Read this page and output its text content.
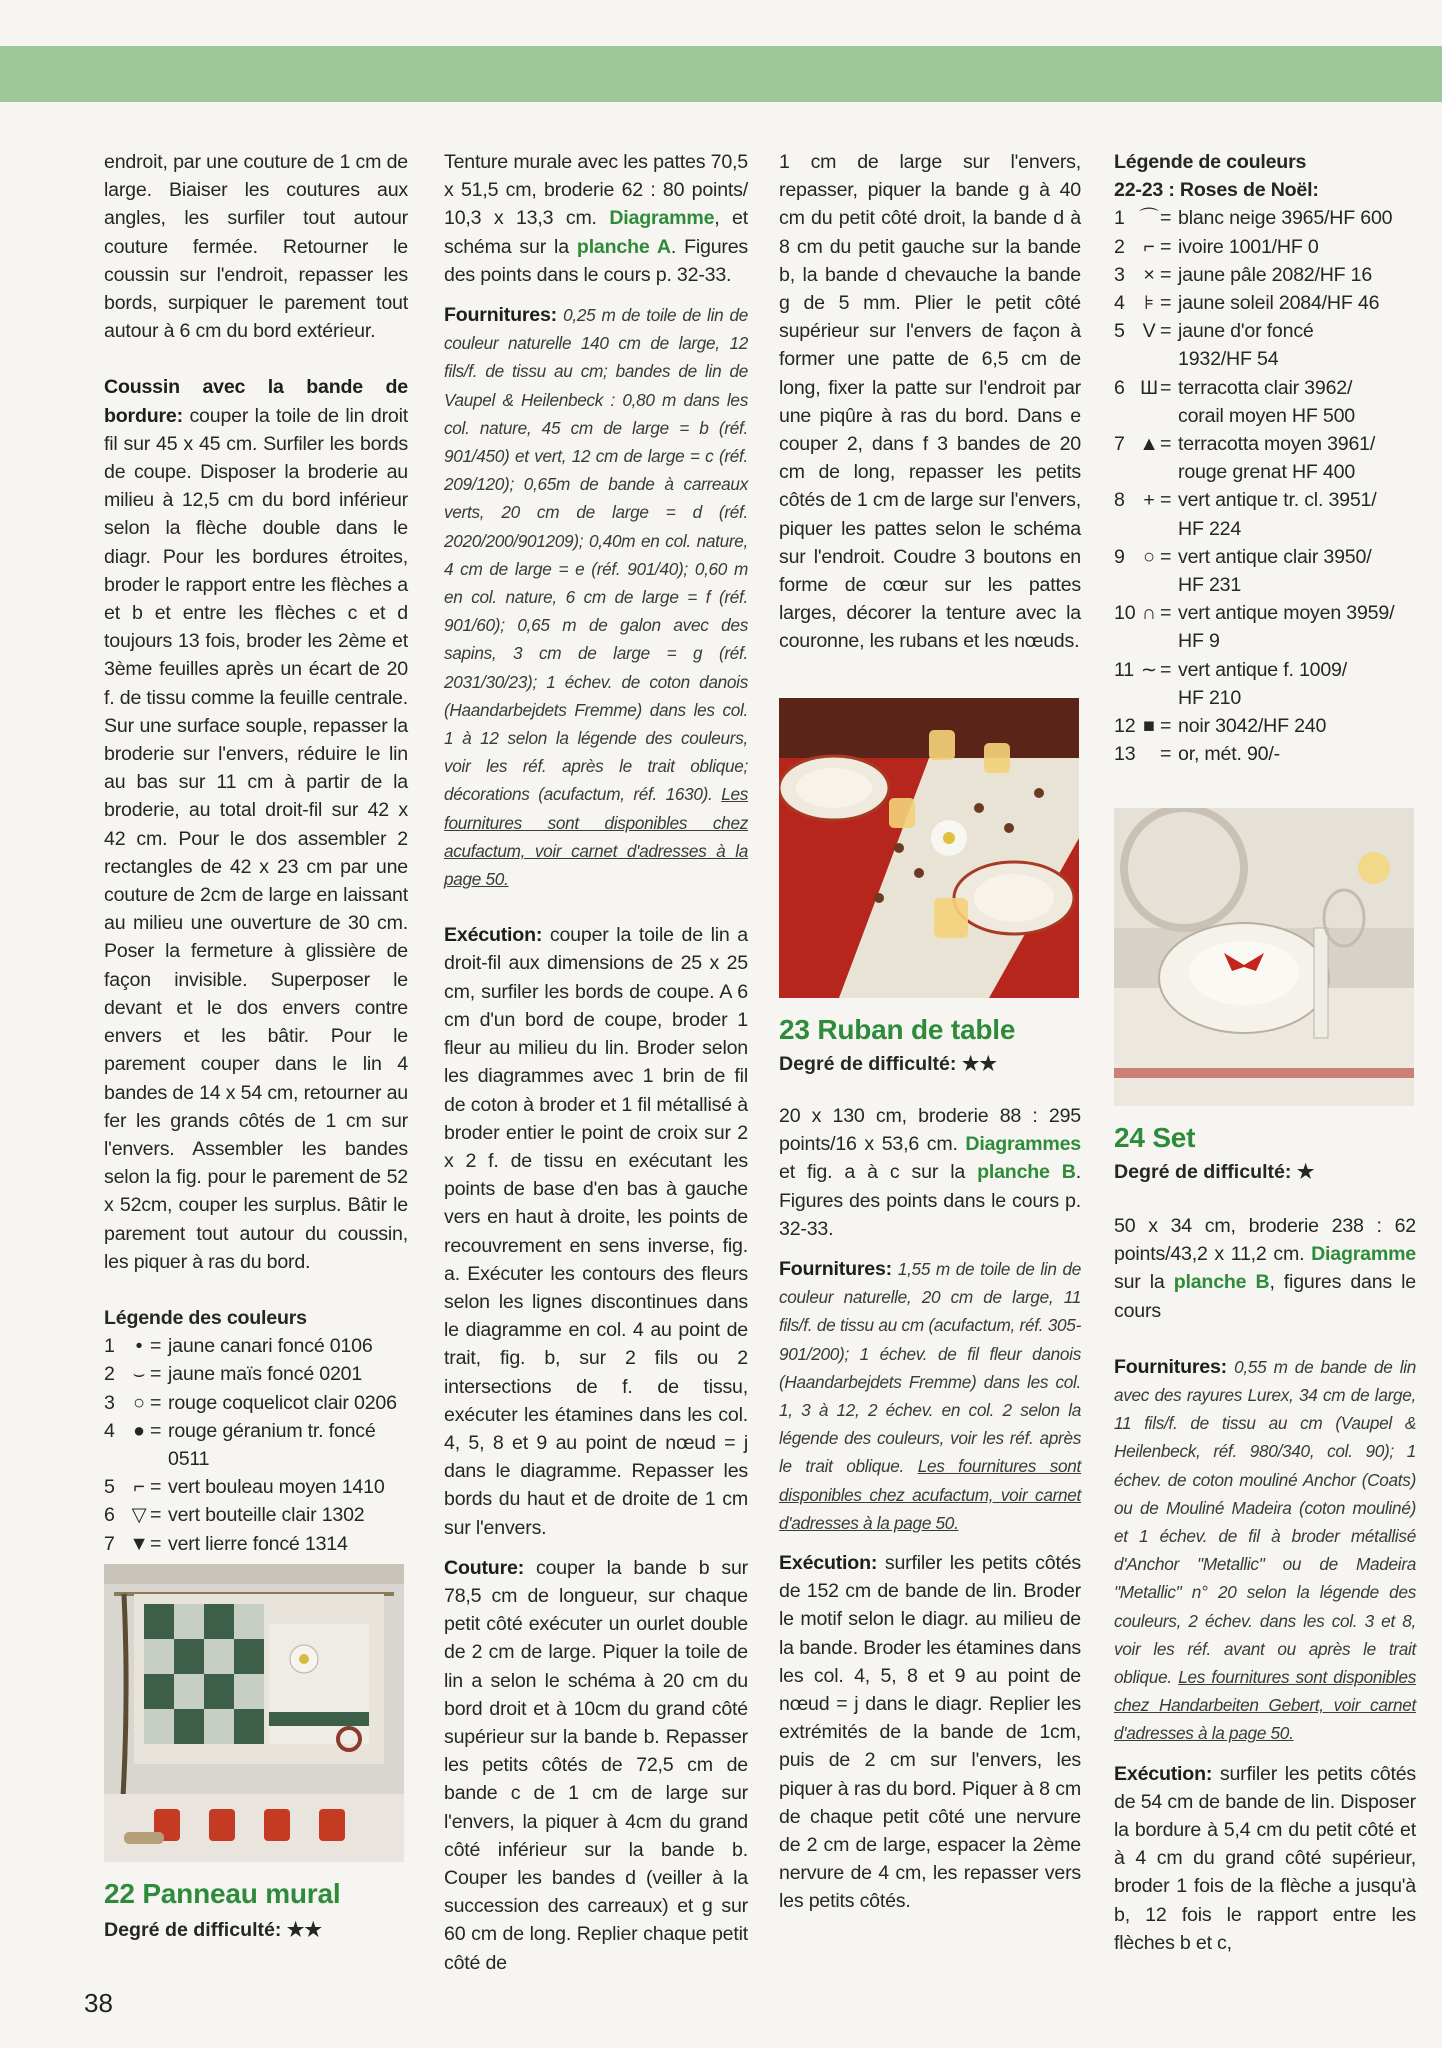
endroit, par une couture de 1 cm de large. Biaiser les coutures aux angles, les surfiler tout autour couture fermée. Retourner le coussin sur l'endroit, repasser les bords, surpiquer le parement tout autour à 6 cm du bord extérieur.

Coussin avec la bande de bordure: couper la toile de lin droit fil sur 45 x 45 cm. Surfiler les bords de coupe. Disposer la broderie au milieu à 12,5 cm du bord inférieur selon la flèche double dans le diagr. Pour les bordures étroites, broder le rapport entre les flèches a et b et entre les flèches c et d toujours 13 fois, broder les 2ème et 3ème feuilles après un écart de 20 f. de tissu comme la feuille centrale. Sur une surface souple, repasser la broderie sur l'envers, réduire le lin au bas sur 11 cm à partir de la broderie, au total droit-fil sur 42 x 42 cm. Pour le dos assembler 2 rectangles de 42 x 23 cm par une couture de 2cm de large en laissant au milieu une ouverture de 30 cm. Poser la fermeture à glissière de façon invisible. Superposer le devant et le dos envers contre envers et les bâtir. Pour le parement couper dans le lin 4 bandes de 14 x 54 cm, retourner au fer les grands côtés de 1 cm sur l'envers. Assembler les bandes selon la fig. pour le parement de 52 x 52cm, couper les surplus. Bâtir le parement tout autour du coussin, les piquer à ras du bord.

Légende des couleurs
1	• = jaune canari foncé 0106
2 ⌣ = jaune maïs foncé 0201
3 ○ = rouge coquelicot clair 0206
4 ● = rouge géranium tr. foncé
0511
5 ⌐ = vert bouleau moyen 1410
6 ▽ = vert bouteille clair 1302
7 ▼ = vert lierre foncé 1314
22 Panneau mural
Degré de difficulté: ★★

Tenture murale avec les pattes 70,5 x 51,5 cm, broderie 62 : 80 points/ 10,3 x 13,3 cm. Diagramme, et schéma sur la planche A. Figures des points dans le cours p. 32-33.

Fournitures: 0,25 m de toile de lin de couleur naturelle 140 cm de large, 12 fils/f. de tissu au cm; bandes de lin de Vaupel & Heilenbeck : 0,80 m dans les col. nature, 45 cm de large = b (réf. 901/450) et vert, 12 cm de large = c (réf. 209/120); 0,65m de bande à carreaux verts, 20 cm de large = d (réf. 2020/200/901209); 0,40m en col. nature, 4 cm de large = e (réf. 901/40); 0,60 m en col. nature, 6 cm de large = f (réf. 901/60); 0,65 m de galon avec des sapins, 3 cm de large = g (réf. 2031/30/23); 1 échev. de coton danois (Haandarbejdets Fremme) dans les col. 1 à 12 selon la légende des couleurs, voir les réf. après le trait oblique; décorations (acufactum, réf. 1630). Les fournitures sont disponibles chez acufactum, voir carnet d'adresses à la page 50.

Exécution: couper la toile de lin a droit-fil aux dimensions de 25 x 25 cm, surfiler les bords de coupe. A 6 cm d'un bord de coupe, broder 1 fleur au milieu du lin. Broder selon les diagrammes avec 1 brin de fil de coton à broder et 1 fil métallisé à broder entier le point de croix sur 2 x 2 f. de tissu en exécutant les points de base d'en bas à gauche vers en haut à droite, les points de recouvrement en sens inverse, fig. a. Exécuter les contours des fleurs selon les lignes discontinues dans le diagramme en col. 4 au point de trait, fig. b, sur 2 fils ou 2 intersections de f. de tissu, exécuter les étamines dans les col. 4, 5, 8 et 9 au point de nœud = j dans le diagramme. Repasser les bords du haut et de droite de 1 cm sur l'envers.

Couture: couper la bande b sur 78,5 cm de longueur, sur chaque petit côté exécuter un ourlet double de 2 cm de large. Piquer la toile de lin a selon le schéma à 20 cm du bord droit et à 10cm du grand côté supérieur sur la bande b. Repasser les petits côtés de 72,5 cm de bande c de 1 cm de large sur l'envers, la piquer à 4cm du grand côté inférieur sur la bande b. Couper les bandes d (veiller à la succession des carreaux) et g sur 60 cm de long. Replier chaque petit côté de

1 cm de large sur l'envers, repasser, piquer la bande g à 40 cm du petit côté droit, la bande d à 8 cm du petit gauche sur la bande b, la bande d chevauche la bande g de 5 mm. Plier le petit côté supérieur sur l'envers de façon à former une patte de 6,5 cm de long, fixer la patte sur l'endroit par une piqûre à ras du bord. Dans e couper 2, dans f 3 bandes de 20 cm de long, repasser les petits côtés de 1 cm de large sur l'envers, piquer les pattes selon le schéma sur l'endroit. Coudre 3 boutons en forme de cœur sur les pattes larges, décorer la tenture avec la couronne, les rubans et les nœuds.

23 Ruban de table
Degré de difficulté: ★★

20 x 130 cm, broderie 88 : 295 points/16 x 53,6 cm. Diagrammes et fig. a à c sur la planche B. Figures des points dans le cours p. 32-33.

Fournitures: 1,55 m de toile de lin de couleur naturelle, 20 cm de large, 11 fils/f. de tissu au cm (acufactum, réf. 305-901/200); 1 échev. de fil fleur danois (Haandarbejdets Fremme) dans les col. 1, 3 à 12, 2 échev. en col. 2 selon la légende des couleurs, voir les réf. après le trait oblique. Les fournitures sont disponibles chez acufactum, voir carnet d'adresses à la page 50.

Exécution: surfiler les petits côtés de 152 cm de bande de lin. Broder le motif selon le diagr. au milieu de la bande. Broder les étamines dans les col. 4, 5, 8 et 9 au point de nœud = j dans le diagr. Replier les extrémités de la bande de 1cm, puis de 2 cm sur l'envers, les piquer à ras du bord. Piquer à 8 cm de chaque petit côté une nervure de 2 cm de large, espacer la 2ème nervure de 4 cm, les repasser vers les petits côtés.

Légende de couleurs
22-23 : Roses de Noël:
1 ⌒ = blanc neige 3965/HF 600
2 ⌐ = ivoire 1001/HF 0
3 × = jaune pâle 2082/HF 16
4 ⊧ = jaune soleil 2084/HF 46
5 V = jaune d'or foncé
1932/HF 54
6 Ш = terracotta clair 3962/
corail moyen HF 500
7 ▲ = terracotta moyen 3961/
rouge grenat HF 400
8 + = vert antique tr. cl. 3951/
HF 224
9 ○ = vert antique clair 3950/
HF 231
10 ∩ = vert antique moyen 3959/
HF 9
11 ∼ = vert antique f. 1009/
HF 210
12 ■ = noir 3042/HF 240
13 = or, mét. 90/-
24 Set
Degré de difficulté: ★

50 x 34 cm, broderie 238 : 62 points/43,2 x 11,2 cm. Diagramme sur la planche B, figures dans le cours

Fournitures: 0,55 m de bande de lin avec des rayures Lurex, 34 cm de large, 11 fils/f. de tissu au cm (Vaupel & Heilenbeck, réf. 980/340, col. 90); 1 échev. de coton mouliné Anchor (Coats) ou de Mouliné Madeira (coton mouliné) et 1 échev. de fil à broder métallisé d'Anchor "Metallic" ou de Madeira "Metallic" n° 20 selon la légende des couleurs, 2 échev. dans les col. 3 et 8, voir les réf. avant ou après le trait oblique. Les fournitures sont disponibles chez Handarbeiten Gebert, voir carnet d'adresses à la page 50.

Exécution: surfiler les petits côtés de 54 cm de bande de lin. Disposer la bordure à 5,4 cm du petit côté et à 4 cm du grand côté supérieur, broder 1 fois de la flèche a jusqu'à b, 12 fois le rapport entre les flèches b et c,

38
